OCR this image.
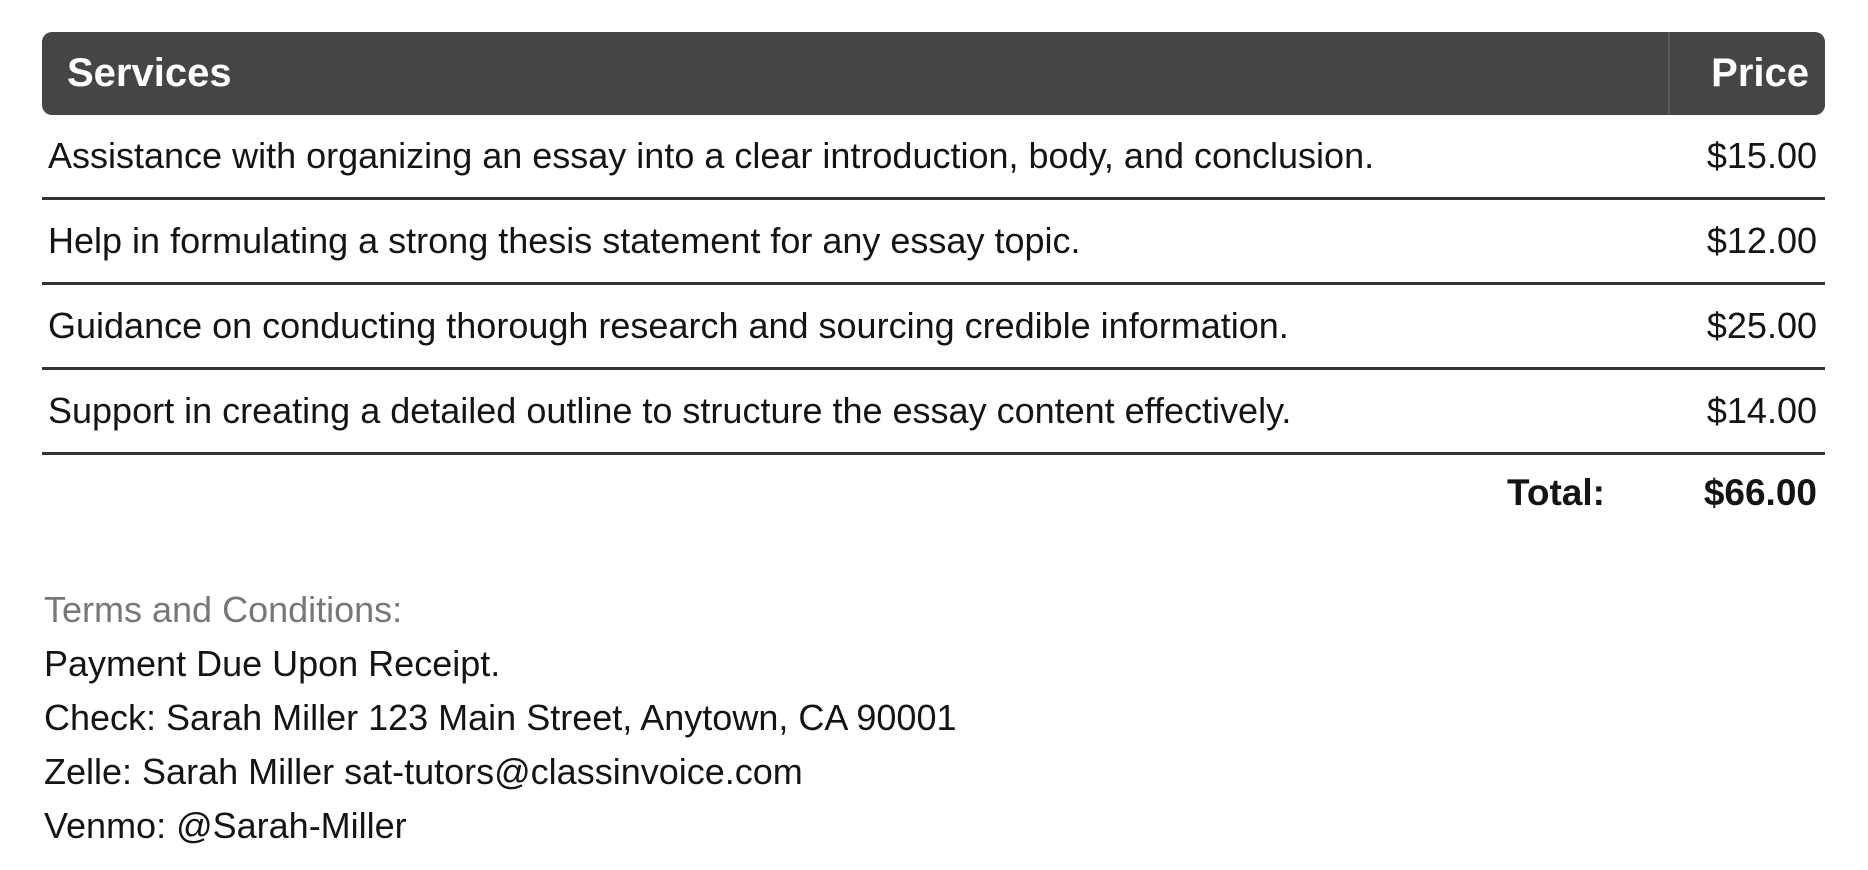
Services	Price
Assistance with organizing an essay into a clear introduction, body, and conclusion.	$15.00
Help in formulating a strong thesis statement for any essay topic.	$12.00
Guidance on conducting thorough research and sourcing credible information.	$25.00
Support in creating a detailed outline to structure the essay content effectively.	$14.00
Total:	$66.00
Terms and Conditions:
Payment Due Upon Receipt.
Check: Sarah Miller 123 Main Street, Anytown, CA 90001
Zelle: Sarah Miller sat-tutors@classinvoice.com
Venmo: @Sarah-Miller
